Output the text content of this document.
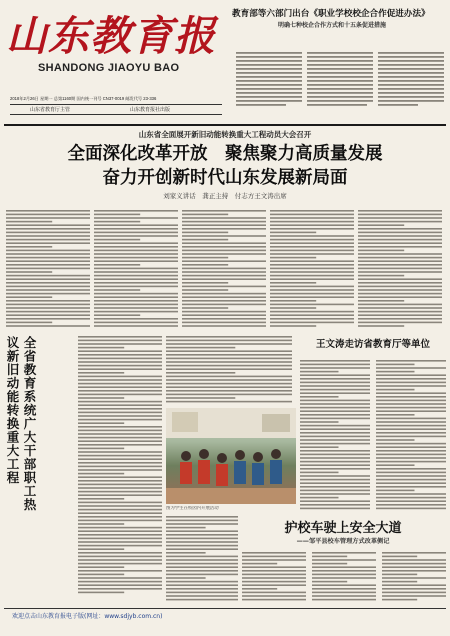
山东教育报
SHANDONG JIAOYU BAO
2018年2月26日 星期一 总第1160期 国内统一刊号 CN37-0019 邮发代号 23-336
山东省教育厅主管	山东教育报社出版
教育部等六部门出台《职业学校校企合作促进办法》
明确七种校企合作方式和十五条促进措施
山东省全面展开新旧动能转换重大工程动员大会召开
全面深化改革开放　聚焦聚力高质量发展
奋力开创新时代山东发展新局面
刘家义讲话　龚正主持　付志方王文涛出席
全省教育系统广大干部职工热议新旧动能转换重大工程
图为学生在校园内开展活动
王文涛走访省教育厅等单位
护校车驶上安全大道
——邹平县校车管理方式改革侧记
欢迎点击山东教育报电子版(网址：www.sdjyb.com.cn)
